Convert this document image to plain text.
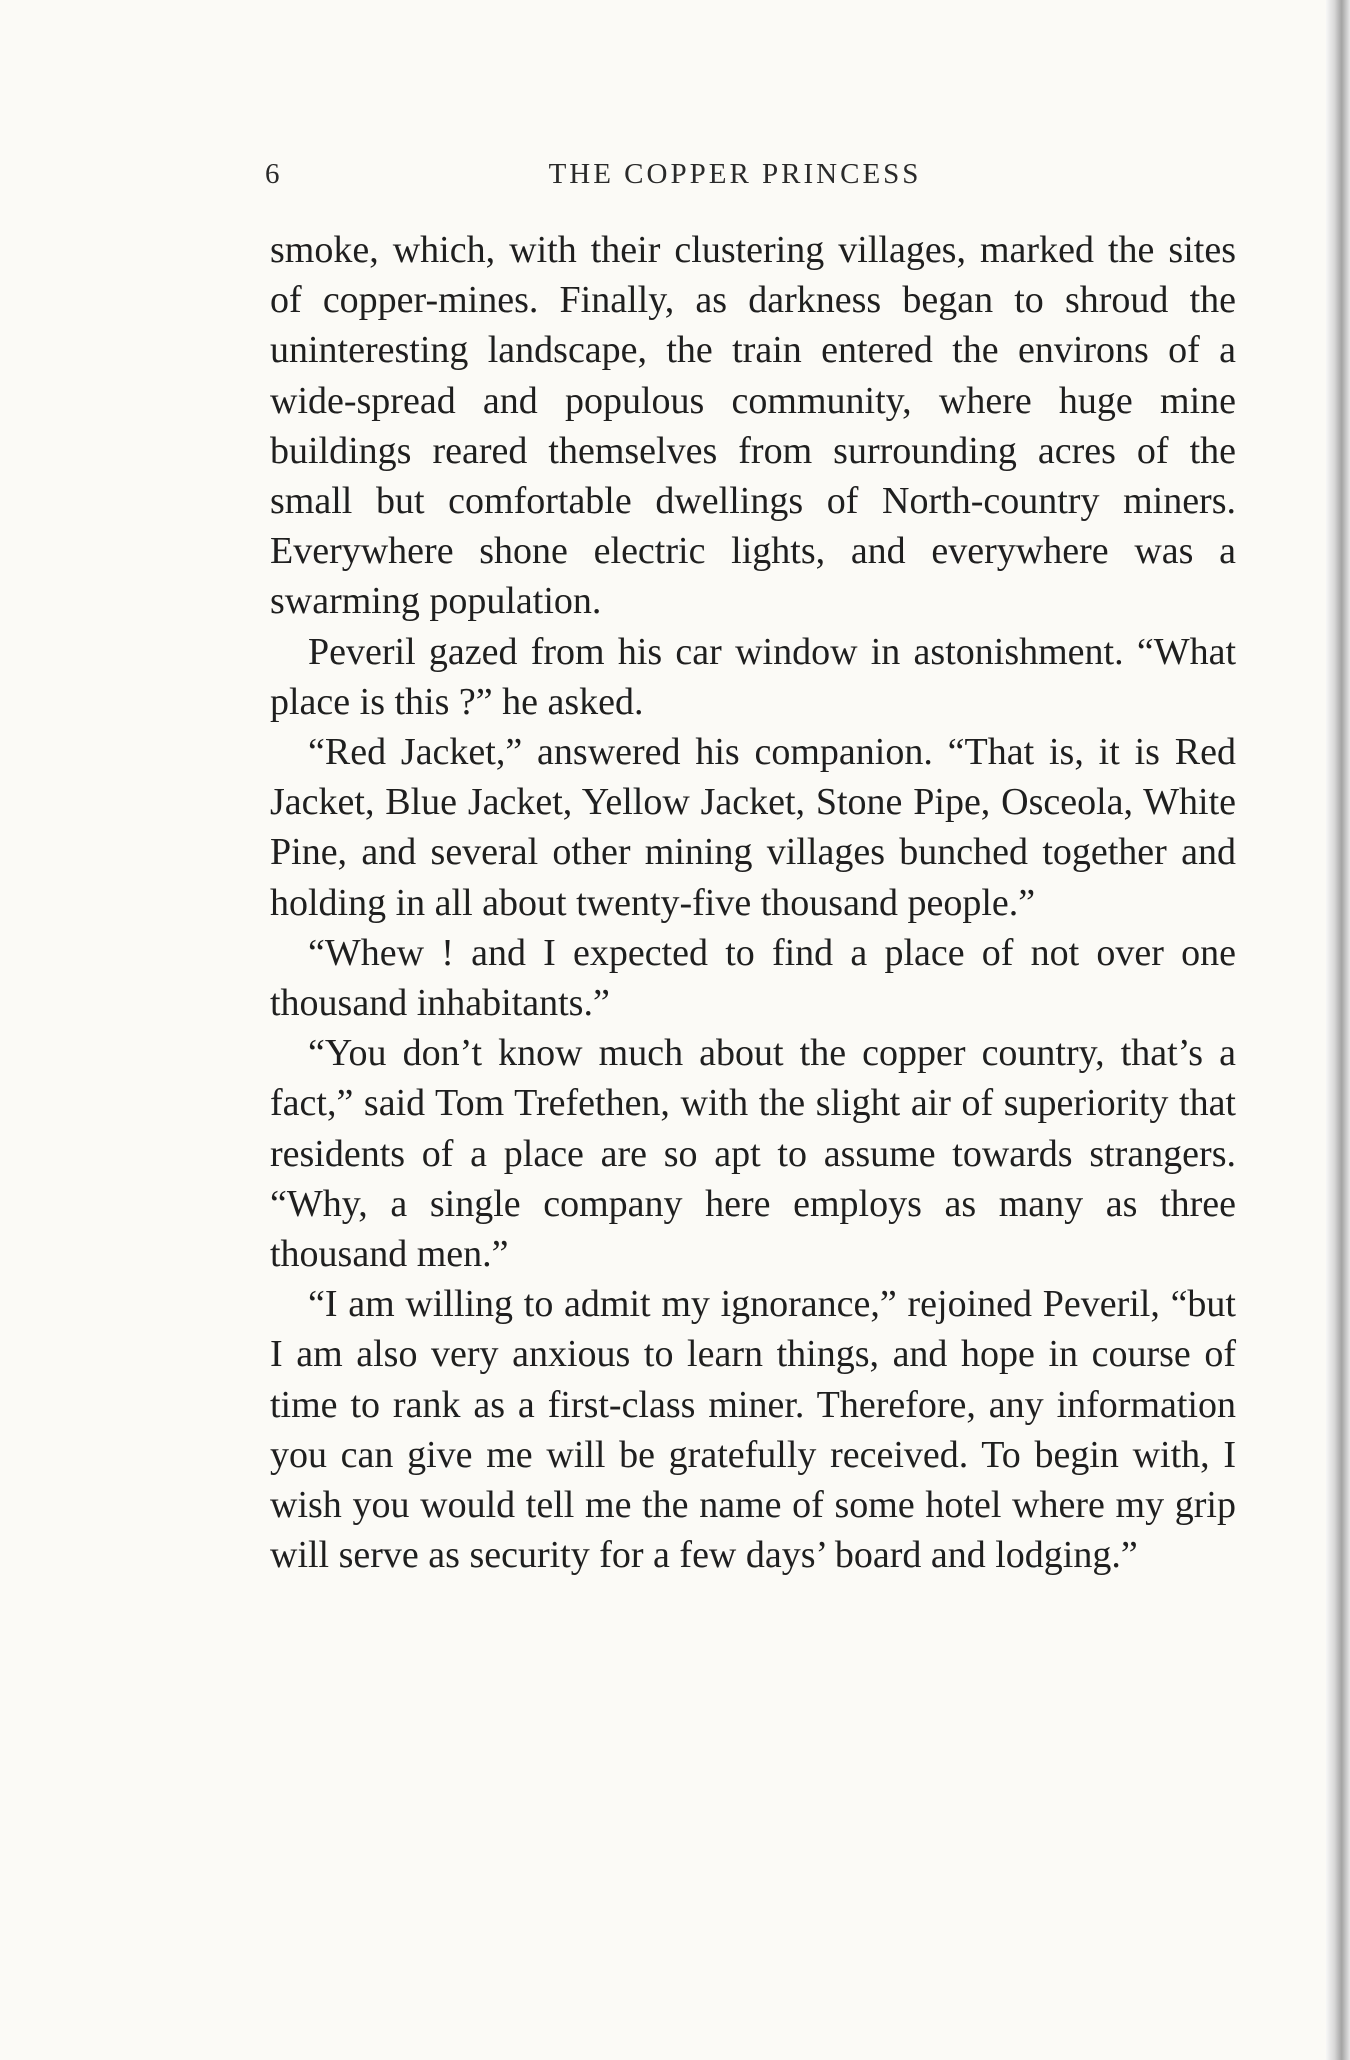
6	THE COPPER PRINCESS

smoke, which, with their clustering villages, marked the sites of copper-mines. Finally, as darkness began to shroud the uninteresting landscape, the train entered the environs of a wide-spread and populous community, where huge mine buildings reared themselves from surrounding acres of the small but comfortable dwellings of North-country miners. Everywhere shone electric lights, and everywhere was a swarming population.

Peveril gazed from his car window in astonishment. “What place is this ?” he asked.

“Red Jacket,” answered his companion. “That is, it is Red Jacket, Blue Jacket, Yellow Jacket, Stone Pipe, Osceola, White Pine, and several other mining villages bunched together and holding in all about twenty-five thousand people.”

“Whew ! and I expected to find a place of not over one thousand inhabitants.”

“You don’t know much about the copper country, that’s a fact,” said Tom Trefethen, with the slight air of superiority that residents of a place are so apt to assume towards strangers. “Why, a single company here employs as many as three thousand men.”

“I am willing to admit my ignorance,” rejoined Peveril, “but I am also very anxious to learn things, and hope in course of time to rank as a first-class miner. Therefore, any information you can give me will be gratefully received. To begin with, I wish you would tell me the name of some hotel where my grip will serve as security for a few days’ board and lodging.”
